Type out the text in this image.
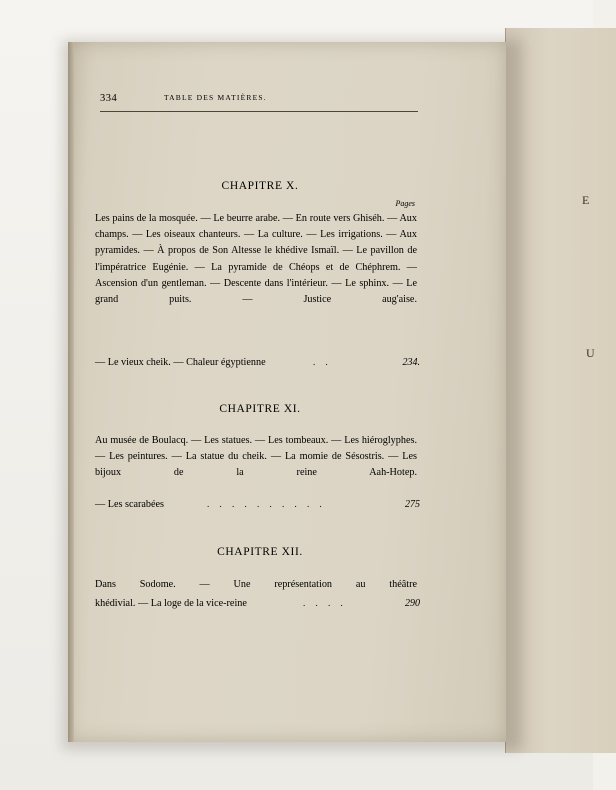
E
U
334	TABLE DES MATIÈRES.
CHAPITRE X.
Pages
Les pains de la mosquée. — Le beurre arabe. — En route vers Ghiséh. — Aux champs. — Les oiseaux chanteurs. — La culture. — Les irrigations. — Aux pyramides. — À propos de Son Altesse le khédive Ismaïl. — Le pavillon de l'impératrice Eugénie. — La pyramide de Chéops et de Chéphrem. — Ascension d'un gentleman. — Descente dans l'intérieur. — Le sphinx. — Le grand puits. — Justice aug'aise.
— Le vieux cheik. — Chaleur égyptienne	. .	234.
CHAPITRE XI.
Au musée de Boulacq. — Les statues. — Les tombeaux. — Les hiéroglyphes. — Les peintures. — La statue du cheik. — La momie de Sésostris. — Les bijoux de la reine Aah-Hotep.
— Les scarabées	. . . . . . . . . .	275
CHAPITRE XII.
Dans Sodome. — Une représentation au théâtre
khédivial. — La loge de la vice-reine	. . . .	290
